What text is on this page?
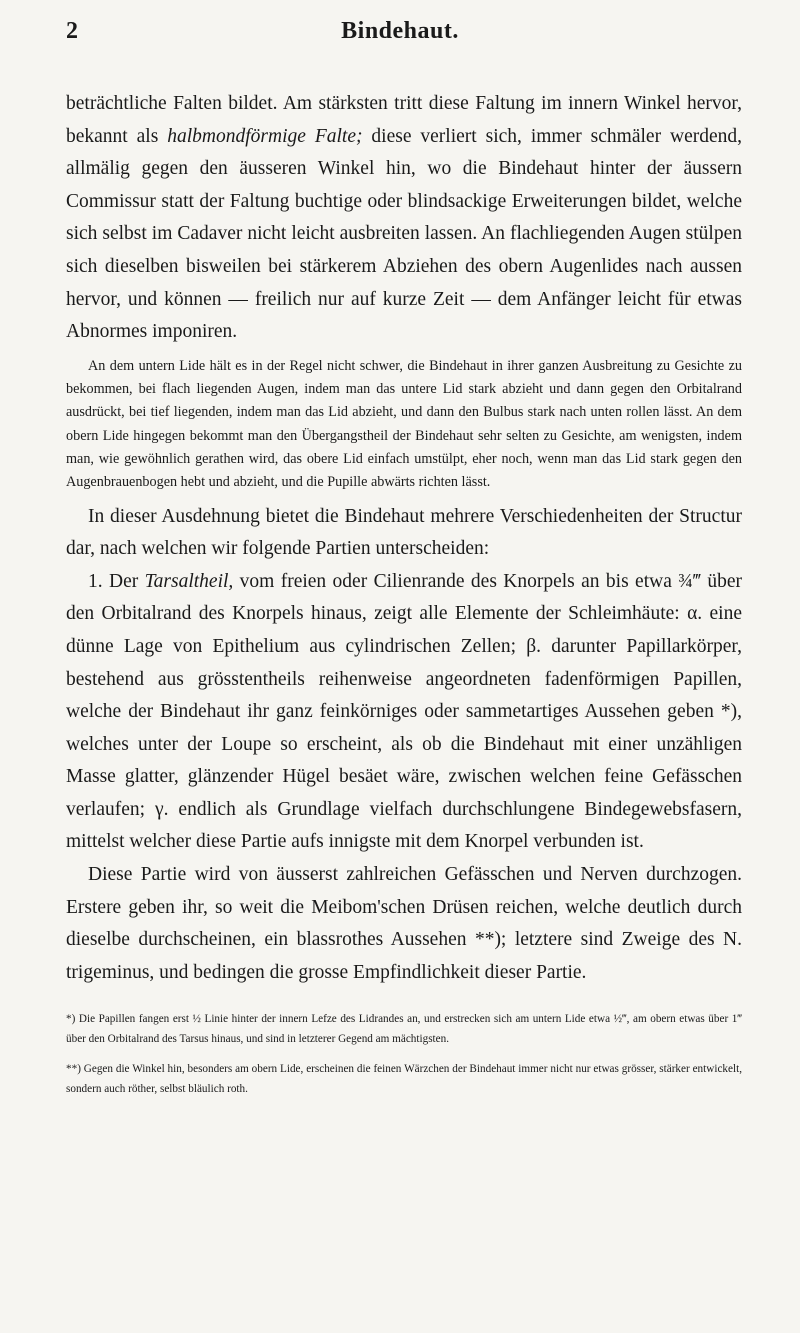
2	Bindehaut.

beträchtliche Falten bildet. Am stärksten tritt diese Faltung im innern Winkel hervor, bekannt als halbmondförmige Falte; diese verliert sich, immer schmäler werdend, allmälig gegen den äusseren Winkel hin, wo die Bindehaut hinter der äussern Commissur statt der Faltung buchtige oder blindsackige Erweiterungen bildet, welche sich selbst im Cadaver nicht leicht ausbreiten lassen. An flachliegenden Augen stülpen sich dieselben bisweilen bei stärkerem Abziehen des obern Augenlides nach aussen hervor, und können — freilich nur auf kurze Zeit — dem Anfänger leicht für etwas Abnormes imponiren.

An dem untern Lide hält es in der Regel nicht schwer, die Bindehaut in ihrer ganzen Ausbreitung zu Gesichte zu bekommen, bei flach liegenden Augen, indem man das untere Lid stark abzieht und dann gegen den Orbitalrand ausdrückt, bei tief liegenden, indem man das Lid abzieht, und dann den Bulbus stark nach unten rollen lässt. An dem obern Lide hingegen bekommt man den Übergangstheil der Bindehaut sehr selten zu Gesichte, am wenigsten, indem man, wie gewöhnlich gerathen wird, das obere Lid einfach umstülpt, eher noch, wenn man das Lid stark gegen den Augenbrauenbogen hebt und abzieht, und die Pupille abwärts richten lässt.

In dieser Ausdehnung bietet die Bindehaut mehrere Verschiedenheiten der Structur dar, nach welchen wir folgende Partien unterscheiden:

1. Der Tarsaltheil, vom freien oder Cilienrande des Knorpels an bis etwa ¾‴ über den Orbitalrand des Knorpels hinaus, zeigt alle Elemente der Schleimhäute: α. eine dünne Lage von Epithelium aus cylindrischen Zellen; β. darunter Papillarkörper, bestehend aus grösstentheils reihenweise angeordneten fadenförmigen Papillen, welche der Bindehaut ihr ganz feinkörniges oder sammetartiges Aussehen geben *), welches unter der Loupe so erscheint, als ob die Bindehaut mit einer unzähligen Masse glatter, glänzender Hügel besäet wäre, zwischen welchen feine Gefässchen verlaufen; γ. endlich als Grundlage vielfach durchschlungene Bindegewebsfasern, mittelst welcher diese Partie aufs innigste mit dem Knorpel verbunden ist.

Diese Partie wird von äusserst zahlreichen Gefässchen und Nerven durchzogen. Erstere geben ihr, so weit die Meibom'schen Drüsen reichen, welche deutlich durch dieselbe durchscheinen, ein blassrothes Aussehen **); letztere sind Zweige des N. trigeminus, und bedingen die grosse Empfindlichkeit dieser Partie.

*) Die Papillen fangen erst ½ Linie hinter der innern Lefze des Lidrandes an, und erstrecken sich am untern Lide etwa ½‴, am obern etwas über 1‴ über den Orbitalrand des Tarsus hinaus, und sind in letzterer Gegend am mächtigsten.

**) Gegen die Winkel hin, besonders am obern Lide, erscheinen die feinen Wärzchen der Bindehaut immer nicht nur etwas grösser, stärker entwickelt, sondern auch röther, selbst bläulich roth.
